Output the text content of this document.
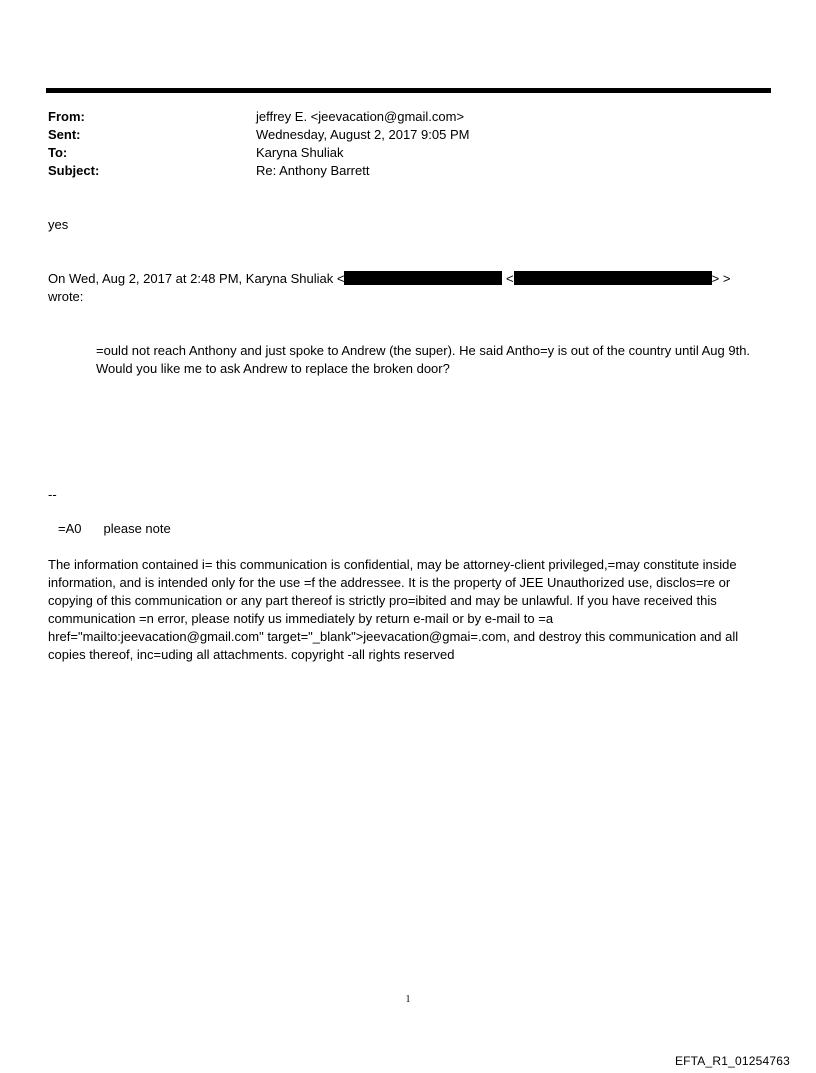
From:	jeffrey E. <jeevacation@gmail.com>
Sent:	Wednesday, August 2, 2017 9:05 PM
To:	Karyna Shuliak
Subject:	Re: Anthony Barrett
yes
On Wed, Aug 2, 2017 at 2:48 PM, Karyna Shuliak <	<	> >
wrote:
=ould not reach Anthony and just spoke to Andrew (the super). He said Antho=y is out of the country until Aug 9th.
Would you like me to ask Andrew to replace the broken door?
--
=A0 please note
The information contained i= this communication is confidential, may be attorney-client privileged,=may constitute inside information, and is intended only for the use =f the addressee. It is the property of JEE Unauthorized use, disclos=re or copying of this communication or any part thereof is strictly pro=ibited and may be unlawful. If you have received this communication =n error, please notify us immediately by return e-mail or by e-mail to =a href="mailto:jeevacation@gmail.com" target="_blank">jeevacation@gmai=.com, and destroy this communication and all copies thereof, inc=uding all attachments. copyright -all rights reserved
1
EFTA_R1_01254763
